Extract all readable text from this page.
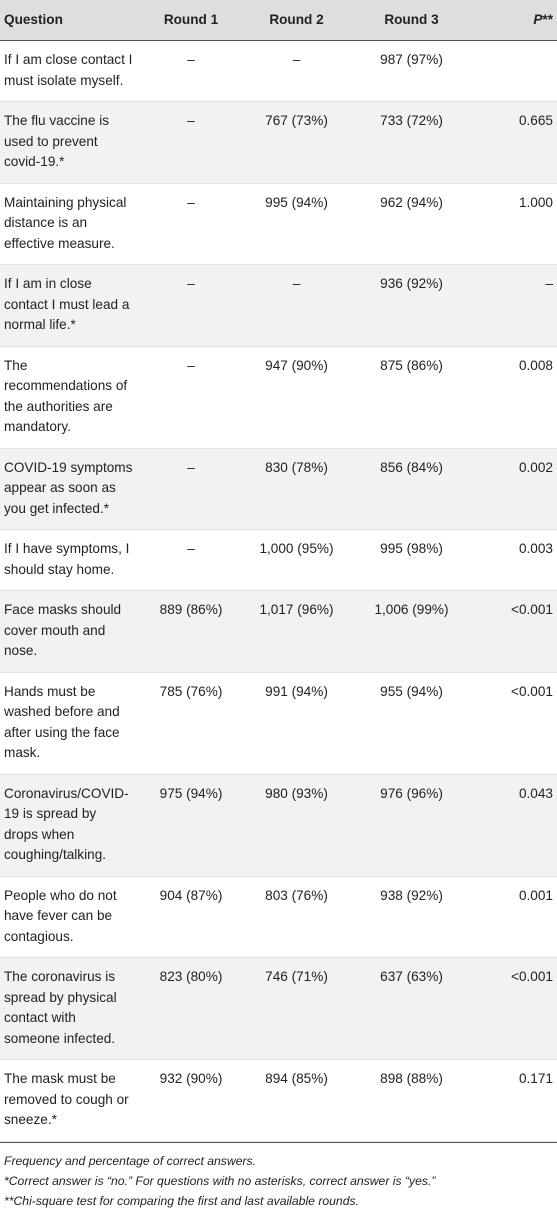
Question	Round 1	Round 2	Round 3	P**
If I am close contact I must isolate myself.	–	–	987 (97%)	
The flu vaccine is used to prevent covid-19.*	–	767 (73%)	733 (72%)	0.665
Maintaining physical distance is an effective measure.	–	995 (94%)	962 (94%)	1.000
If I am in close contact I must lead a normal life.*	–	–	936 (92%)	–
The recommendations of the authorities are mandatory.	–	947 (90%)	875 (86%)	0.008
COVID-19 symptoms appear as soon as you get infected.*	–	830 (78%)	856 (84%)	0.002
If I have symptoms, I should stay home.	–	1,000 (95%)	995 (98%)	0.003
Face masks should cover mouth and nose.	889 (86%)	1,017 (96%)	1,006 (99%)	<0.001
Hands must be washed before and after using the face mask.	785 (76%)	991 (94%)	955 (94%)	<0.001
Coronavirus/COVID-19 is spread by drops when coughing/talking.	975 (94%)	980 (93%)	976 (96%)	0.043
People who do not have fever can be contagious.	904 (87%)	803 (76%)	938 (92%)	0.001
The coronavirus is spread by physical contact with someone infected.	823 (80%)	746 (71%)	637 (63%)	<0.001
The mask must be removed to cough or sneeze.*	932 (90%)	894 (85%)	898 (88%)	0.171
Frequency and percentage of correct answers.
*Correct answer is “no.” For questions with no asterisks, correct answer is “yes.”
**Chi-square test for comparing the first and last available rounds.
